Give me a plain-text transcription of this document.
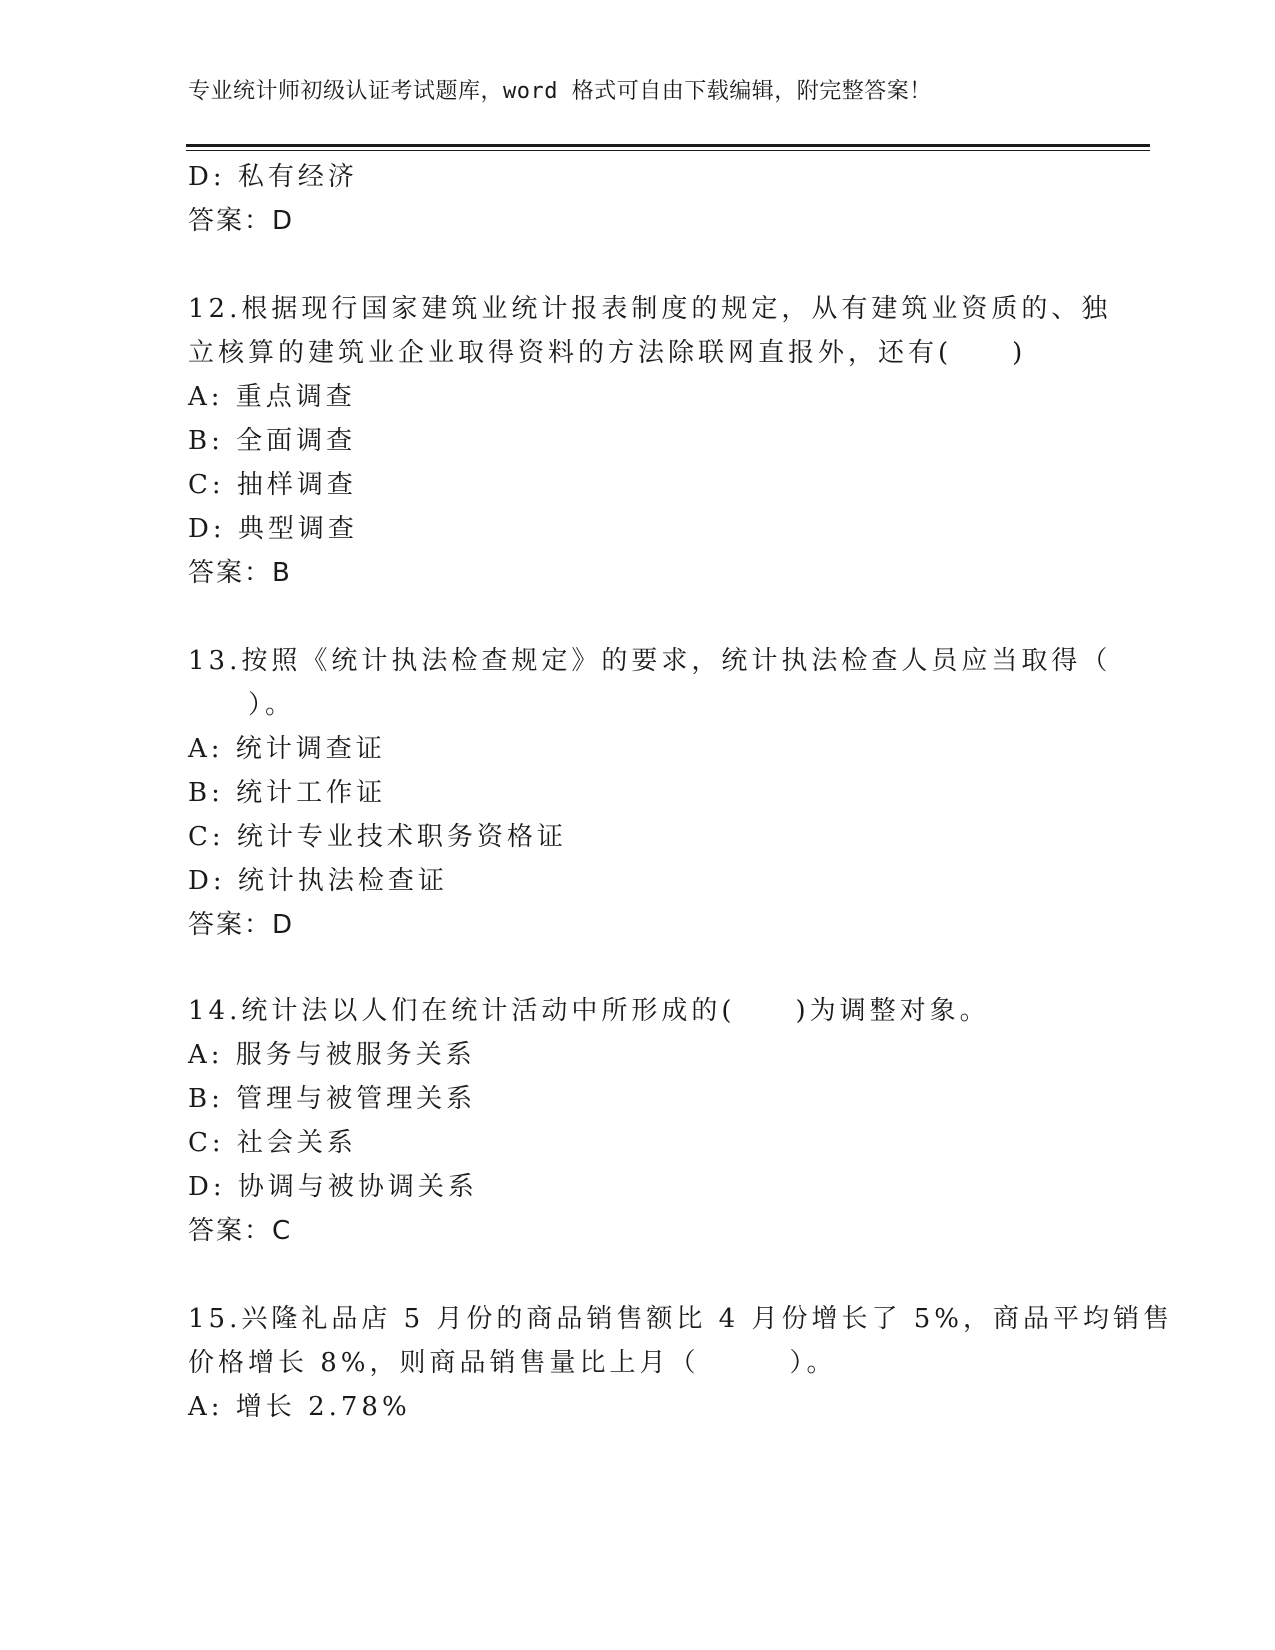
专业统计师初级认证考试题库，word 格式可自由下载编辑，附完整答案！
D: 私有经济
答案：D
12.根据现行国家建筑业统计报表制度的规定，从有建筑业资质的、独
立核算的建筑业企业取得资料的方法除联网直报外，还有(　　)
A: 重点调查
B: 全面调查
C: 抽样调查
D: 典型调查
答案：B
13.按照《统计执法检查规定》的要求，统计执法检查人员应当取得（
　　）。
A: 统计调查证
B: 统计工作证
C: 统计专业技术职务资格证
D: 统计执法检查证
答案：D
14.统计法以人们在统计活动中所形成的(　　)为调整对象。
A: 服务与被服务关系
B: 管理与被管理关系
C: 社会关系
D: 协调与被协调关系
答案：C
15.兴隆礼品店 5 月份的商品销售额比 4 月份增长了 5%，商品平均销售
价格增长 8%，则商品销售量比上月（　　　）。
A: 增长 2.78%
